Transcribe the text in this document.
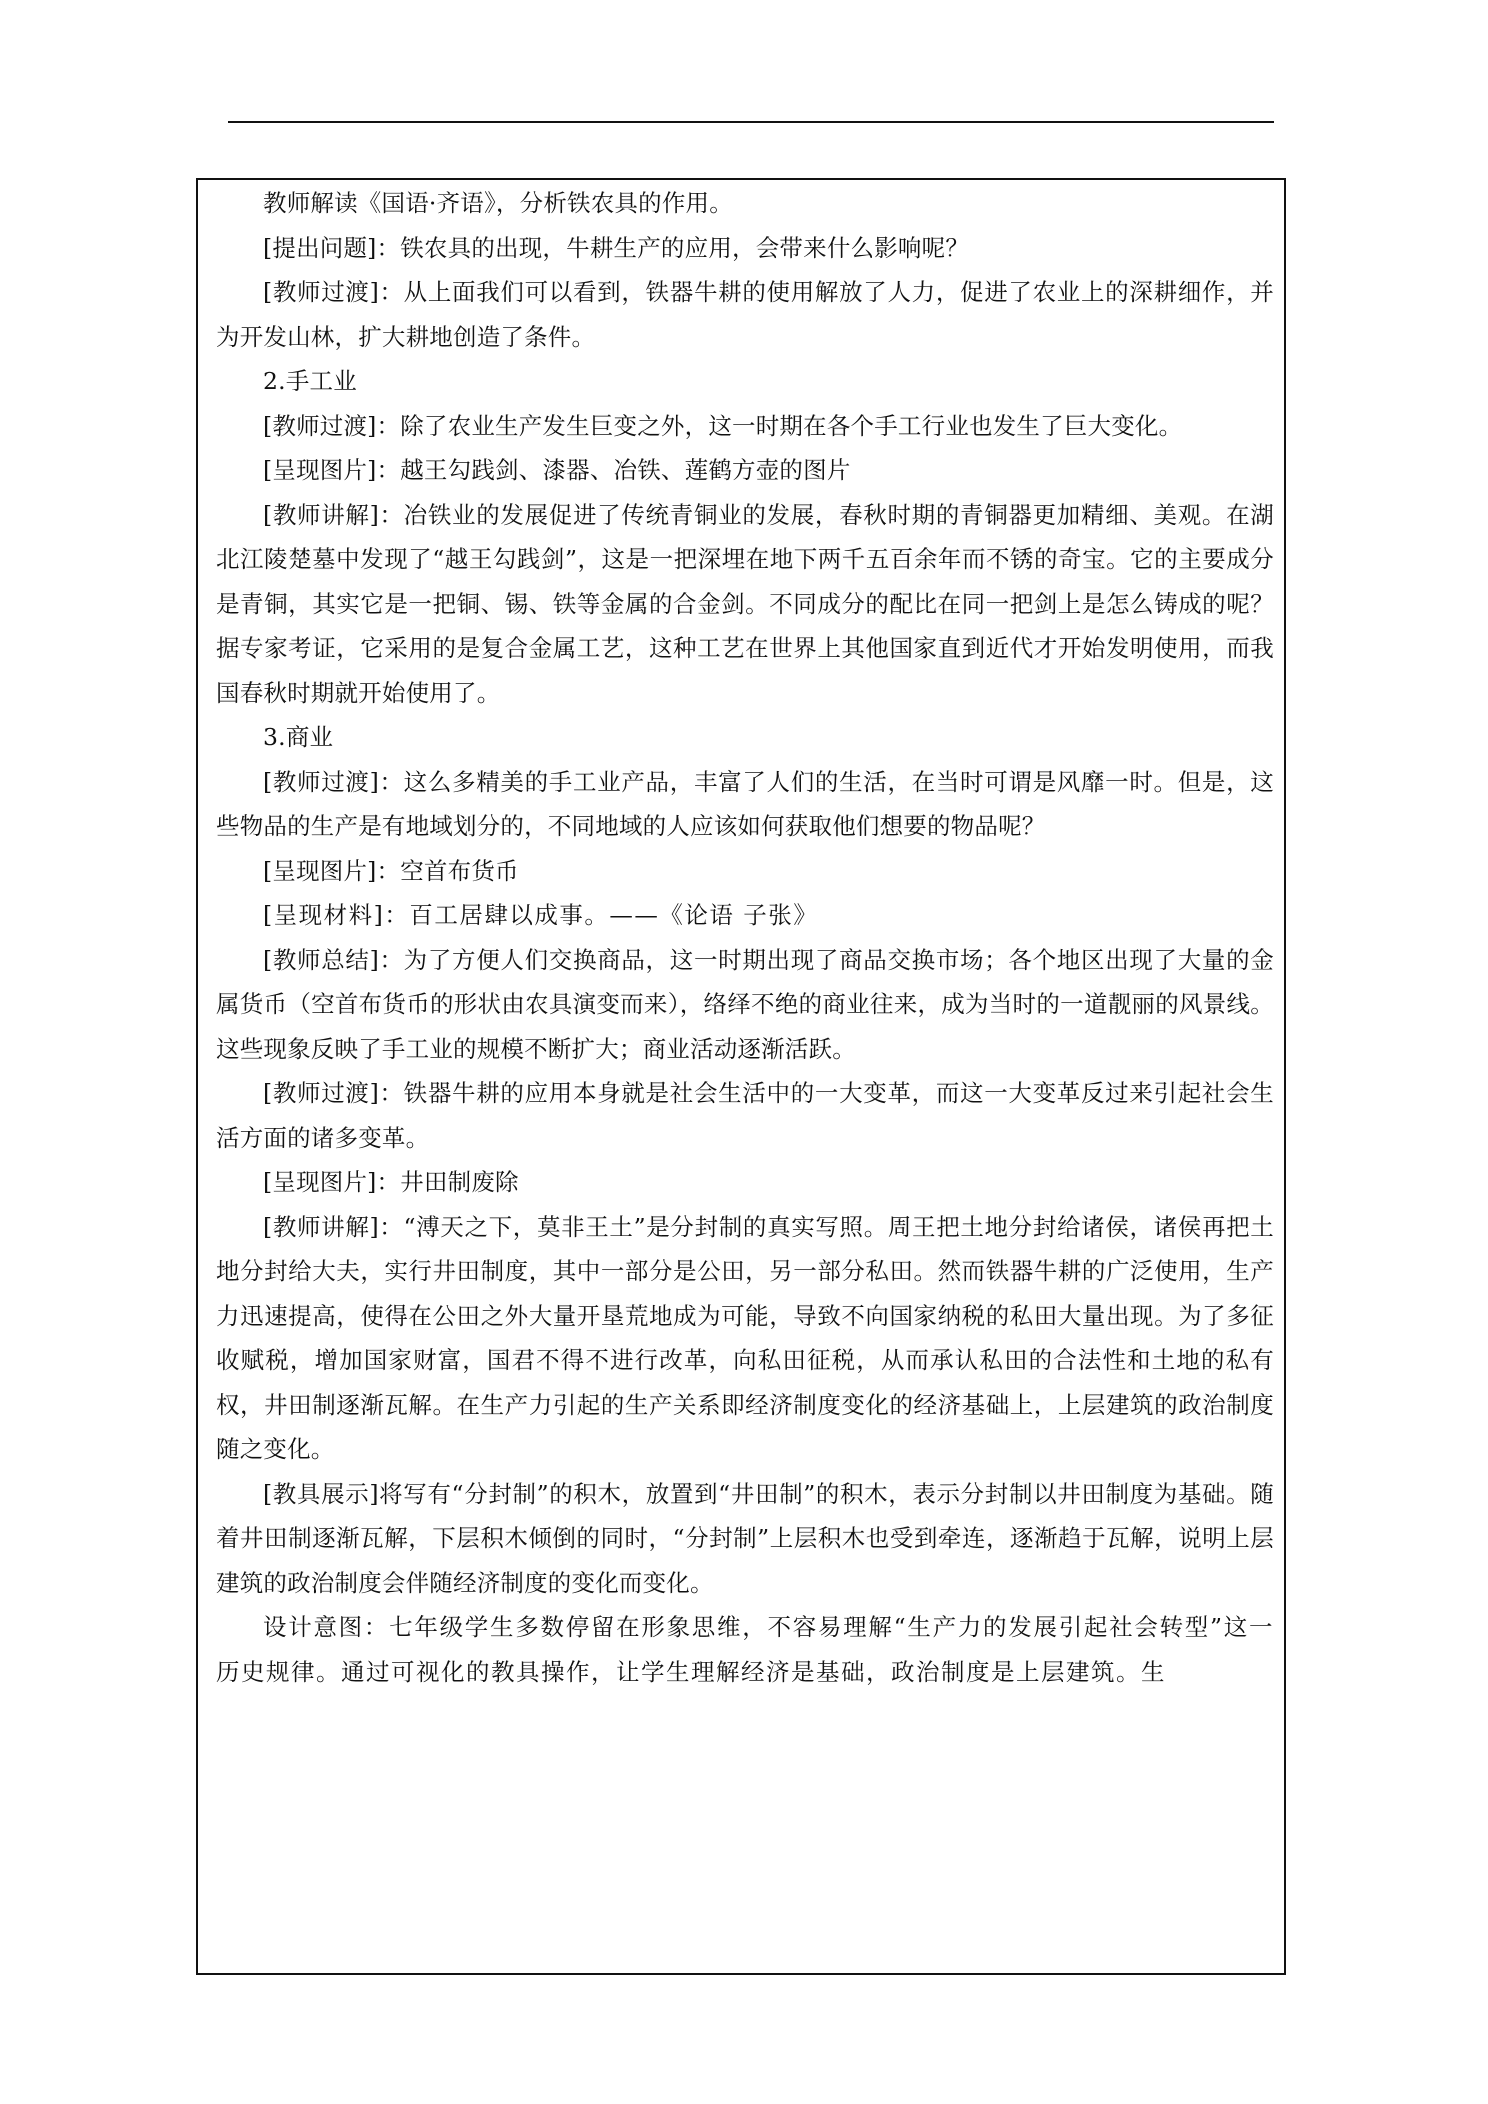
教师解读《国语·齐语》，分析铁农具的作用。

[提出问题]：铁农具的出现，牛耕生产的应用，会带来什么影响呢？

[教师过渡]：从上面我们可以看到，铁器牛耕的使用解放了人力，促进了农业上的深耕细作，并为开发山林，扩大耕地创造了条件。

2.手工业

[教师过渡]：除了农业生产发生巨变之外，这一时期在各个手工行业也发生了巨大变化。

[呈现图片]：越王勾践剑、漆器、冶铁、莲鹤方壶的图片

[教师讲解]：冶铁业的发展促进了传统青铜业的发展，春秋时期的青铜器更加精细、美观。在湖北江陵楚墓中发现了“越王勾践剑”，这是一把深埋在地下两千五百余年而不锈的奇宝。它的主要成分是青铜，其实它是一把铜、锡、铁等金属的合金剑。不同成分的配比在同一把剑上是怎么铸成的呢？据专家考证，它采用的是复合金属工艺，这种工艺在世界上其他国家直到近代才开始发明使用，而我国春秋时期就开始使用了。

3.商业

[教师过渡]：这么多精美的手工业产品，丰富了人们的生活，在当时可谓是风靡一时。但是，这些物品的生产是有地域划分的，不同地域的人应该如何获取他们想要的物品呢？

[呈现图片]：空首布货币

[呈现材料]：百工居肆以成事。——《论语 子张》

[教师总结]：为了方便人们交换商品，这一时期出现了商品交换市场；各个地区出现了大量的金属货币（空首布货币的形状由农具演变而来），络绎不绝的商业往来，成为当时的一道靓丽的风景线。这些现象反映了手工业的规模不断扩大；商业活动逐渐活跃。

[教师过渡]：铁器牛耕的应用本身就是社会生活中的一大变革，而这一大变革反过来引起社会生活方面的诸多变革。

[呈现图片]：井田制废除

[教师讲解]：“溥天之下，莫非王土”是分封制的真实写照。周王把土地分封给诸侯，诸侯再把土地分封给大夫，实行井田制度，其中一部分是公田，另一部分私田。然而铁器牛耕的广泛使用，生产力迅速提高，使得在公田之外大量开垦荒地成为可能，导致不向国家纳税的私田大量出现。为了多征收赋税，增加国家财富，国君不得不进行改革，向私田征税，从而承认私田的合法性和土地的私有权，井田制逐渐瓦解。在生产力引起的生产关系即经济制度变化的经济基础上，上层建筑的政治制度随之变化。

[教具展示]将写有“分封制”的积木，放置到“井田制”的积木，表示分封制以井田制度为基础。随着井田制逐渐瓦解，下层积木倾倒的同时，“分封制”上层积木也受到牵连，逐渐趋于瓦解，说明上层建筑的政治制度会伴随经济制度的变化而变化。

设计意图：七年级学生多数停留在形象思维，不容易理解“生产力的发展引起社会转型”这一历史规律。通过可视化的教具操作，让学生理解经济是基础，政治制度是上层建筑。生
